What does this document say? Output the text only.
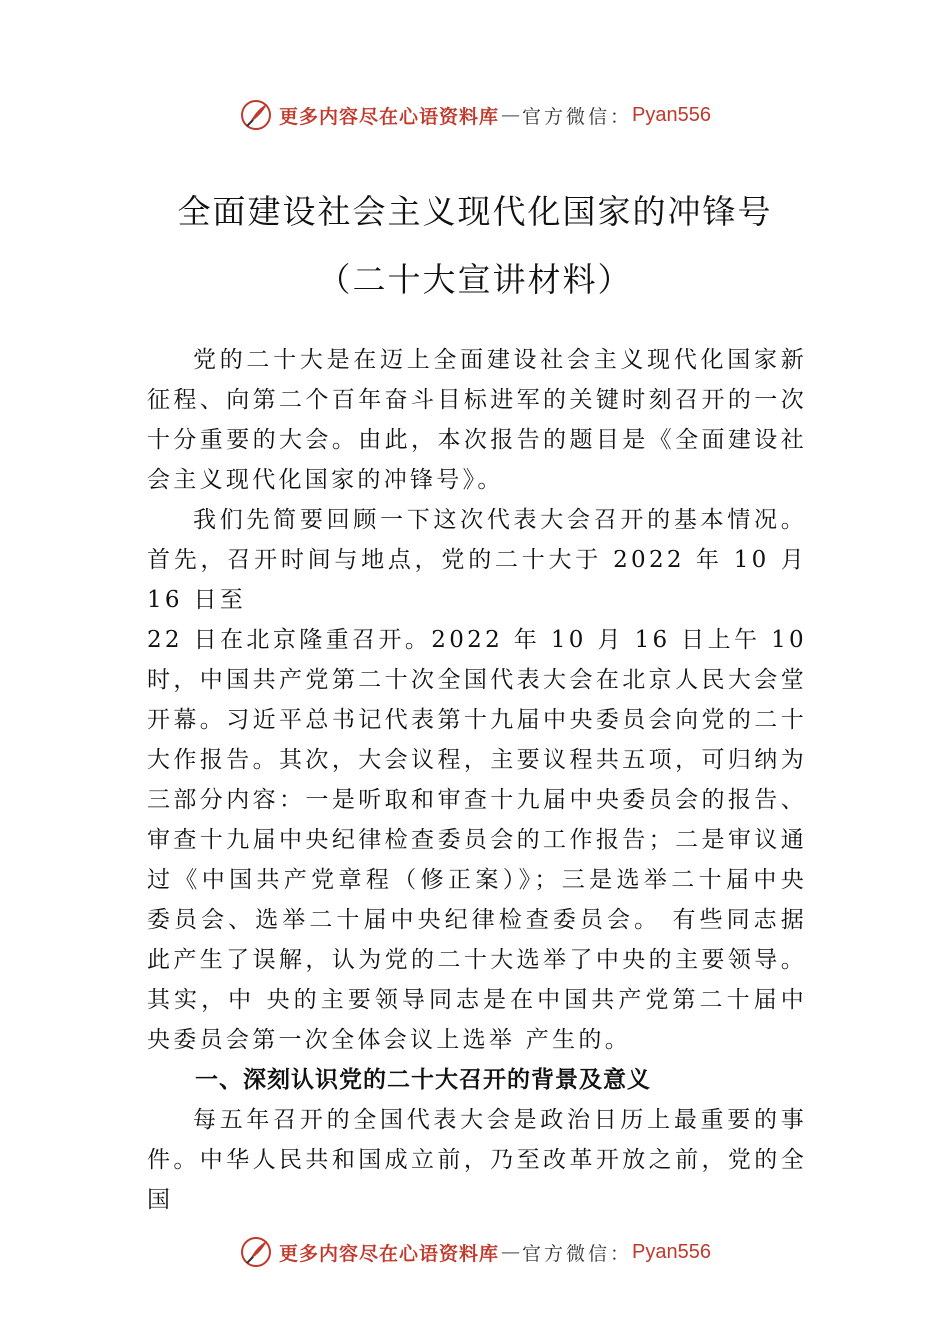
更多内容尽在心语资料库 — 官方微信： Pyan556
全面建设社会主义现代化国家的冲锋号
（二十大宣讲材料）

党的二十大是在迈上全面建设社会主义现代化国家新征程、向第二个百年奋斗目标进军的关键时刻召开的一次十分重要的大会。由此，本次报告的题目是《全面建设社会主义现代化国家的冲锋号》。

我们先简要回顾一下这次代表大会召开的基本情况。首先，召开时间与地点，党的二十大于 2022 年 10 月 16 日至

22 日在北京隆重召开。2022 年 10 月 16 日上午 10 时，中国共产党第二十次全国代表大会在北京人民大会堂开幕。习近平总书记代表第十九届中央委员会向党的二十大作报告。其次，大会议程，主要议程共五项，可归纳为三部分内容：一是听取和审查十九届中央委员会的报告、审查十九届中央纪律检查委员会的工作报告；二是审议通过《中国共产党章程（修正案）》；三是选举二十届中央委员会、选举二十届中央纪律检查委员会。 有些同志据此产生了误解，认为党的二十大选举了中央的主要领导。其实，中 央的主要领导同志是在中国共产党第二十届中央委员会第一次全体会议上选举 产生的。

一、深刻认识党的二十大召开的背景及意义

每五年召开的全国代表大会是政治日历上最重要的事件。中华人民共和国成立前，乃至改革开放之前，党的全国

更多内容尽在心语资料库 — 官方微信： Pyan556
